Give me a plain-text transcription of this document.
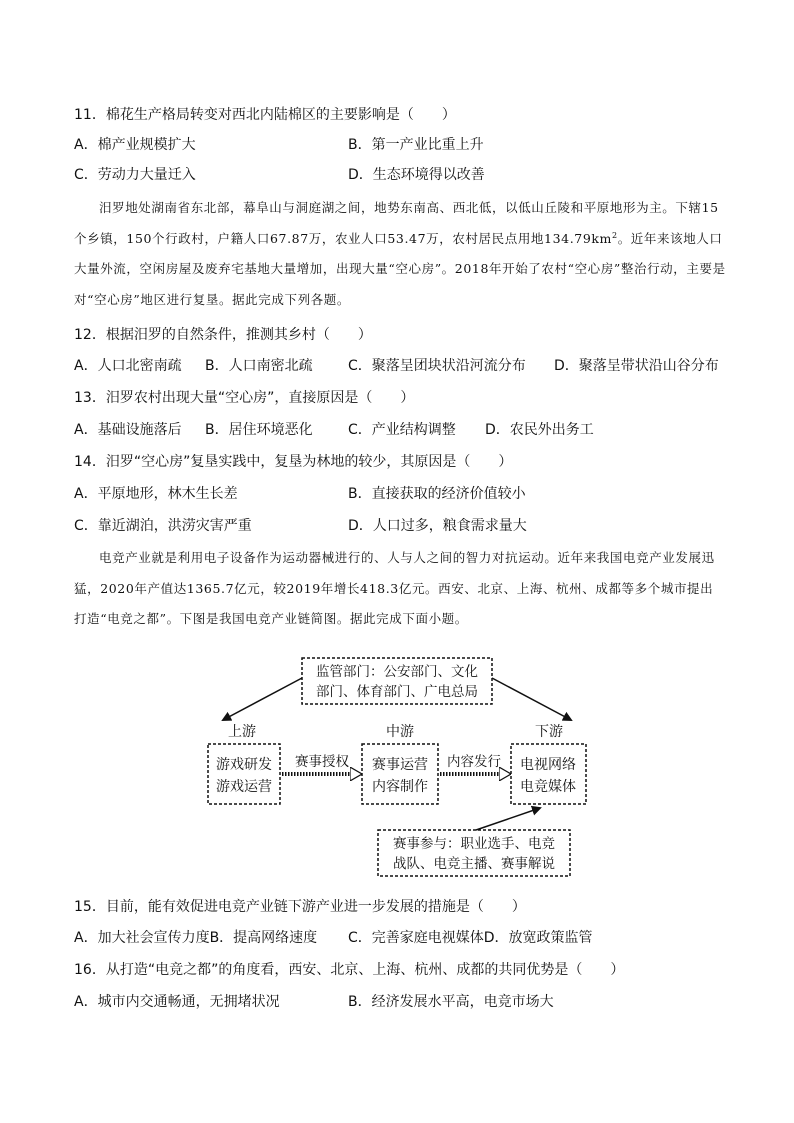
11．棉花生产格局转变对西北内陆棉区的主要影响是（　　）
A．棉产业规模扩大	B．第一产业比重上升
C．劳动力大量迁入	D．生态环境得以改善
汨罗地处湖南省东北部，幕阜山与洞庭湖之间，地势东南高、西北低，以低山丘陵和平原地形为主。下辖15个乡镇，150个行政村，户籍人口67.87万，农业人口53.47万，农村居民点用地$134.79km^2$。近年来该地人口大量外流，空闲房屋及废弃宅基地大量增加，出现大量“空心房”。2018年开始了农村“空心房”整治行动，主要是对“空心房”地区进行复垦。据此完成下列各题。
12．根据汨罗的自然条件，推测其乡村（　　）
A．人口北密南疏 B．人口南密北疏	C．聚落呈团块状沿河流分布 D．聚落呈带状沿山谷分布
13．汨罗农村出现大量“空心房”，直接原因是（　　）
A．基础设施落后 B．居住环境恶化	C．产业结构调整 D．农民外出务工
14．汨罗“空心房”复垦实践中，复垦为林地的较少，其原因是（　　）
A．平原地形，林木生长差	B．直接获取的经济价值较小
C．靠近湖泊，洪涝灾害严重	D．人口过多，粮食需求量大
电竞产业就是利用电子设备作为运动器械进行的、人与人之间的智力对抗运动。近年来我国电竞产业发展迅猛，2020年产值达1365.7亿元，较2019年增长418.3亿元。西安、北京、上海、杭州、成都等多个城市提出打造“电竞之都”。下图是我国电竞产业链简图。据此完成下面小题。
监管部门：公安部门、文化
部门、体育部门、广电总局
上游	中游	下游
游戏研发
游戏运营
赛事运营
内容制作
电视网络
电竞媒体
赛事授权	内容发行
赛事参与：职业选手、电竞
战队、电竞主播、赛事解说
15．目前，能有效促进电竞产业链下游产业进一步发展的措施是（　　）
A．加大社会宣传力度B．提高网络速度 C．完善家庭电视媒体D．放宽政策监管
16．从打造“电竞之都”的角度看，西安、北京、上海、杭州、成都的共同优势是（　　）
A．城市内交通畅通，无拥堵状况	B．经济发展水平高，电竞市场大
